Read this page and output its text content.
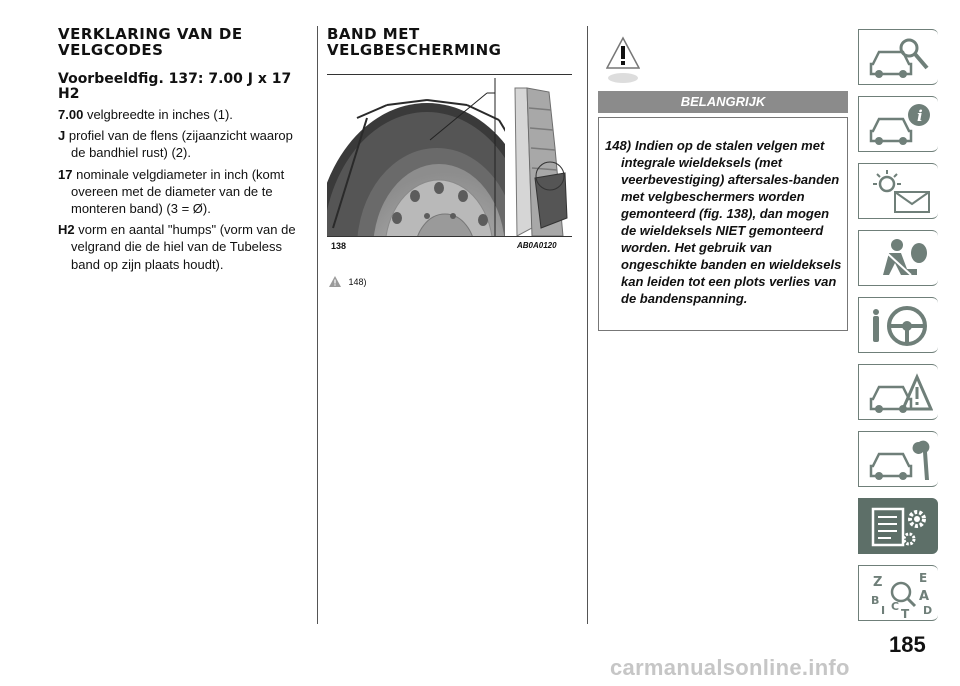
VERKLARING VAN DE VELGCODES
Voorbeeldfig. 137: 7.00 J x 17 H2

7.00 velgbreedte in inches (1).

J profiel van de flens (zijaanzicht waarop de bandhiel rust) (2).

17 nominale velgdiameter in inch (komt overeen met de diameter van de te monteren band) (3 = Ø).

H2 vorm en aantal "humps" (vorm van de velgrand die de hiel van de Tubeless band op zijn plaats houdt).

BAND MET VELGBESCHERMING
138	AB0A0120
148)
BELANGRIJK

148) Indien op de stalen velgen met
integrale wieldeksels (met veerbevestiging) aftersales-banden met velgbeschermers worden gemonteerd (fig. 138), dan mogen de wieldeksels NIET gemonteerd worden. Het gebruik van ongeschikte banden en wieldeksels kan leiden tot een plots verlies van de bandenspanning.

i
Z	E
B	A
I C
T D
185
carmanualsonline.info
